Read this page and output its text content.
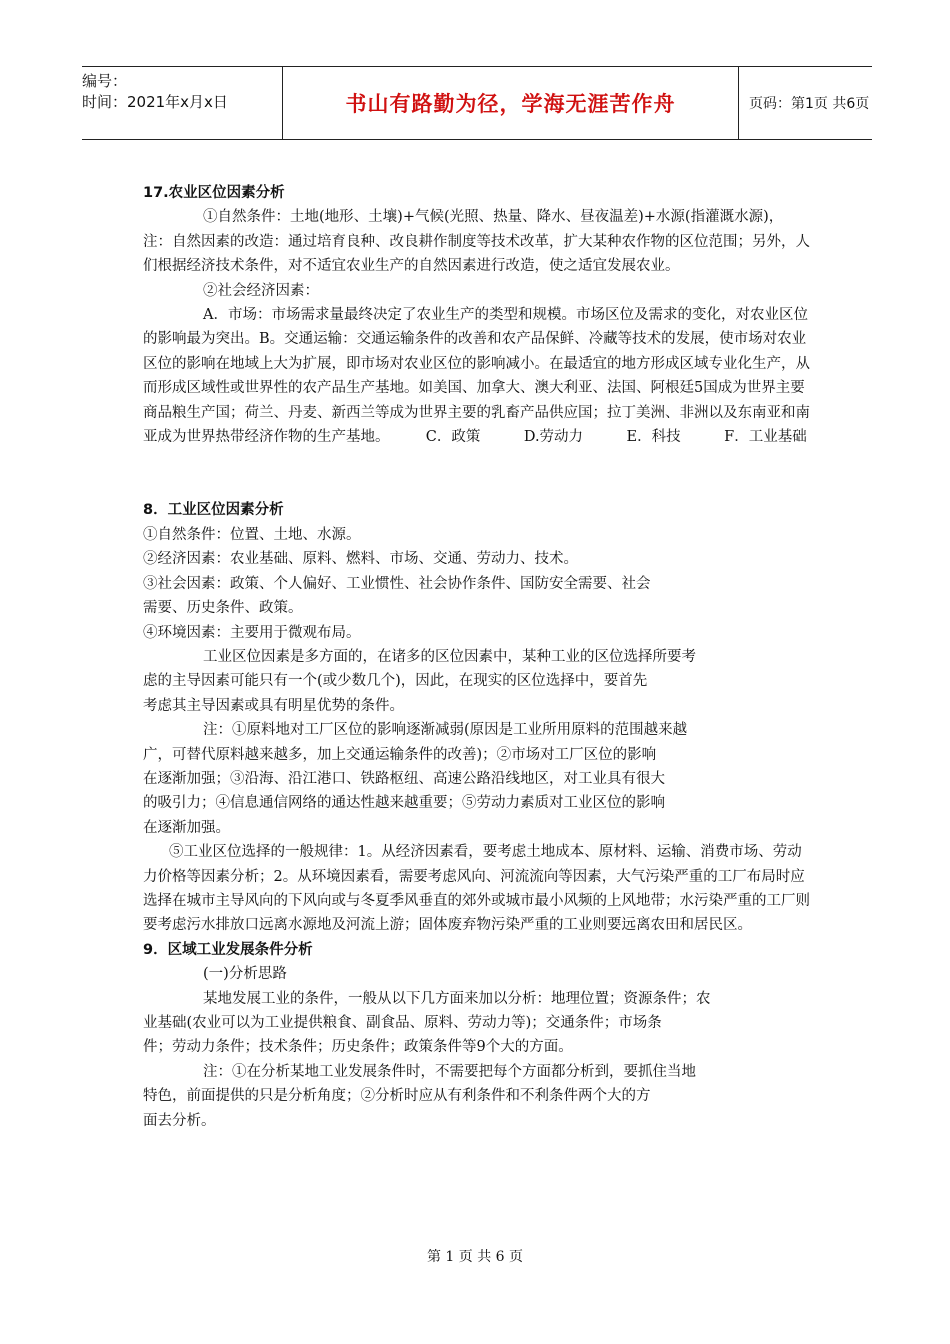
编号：
时间：2021年x月x日	书山有路勤为径，学海无涯苦作舟	页码：第1页 共6页

17.农业区位因素分析

①自然条件：土地(地形、土壤)+气候(光照、热量、降水、昼夜温差)+水源(指灌溉水源)，　　　注：自然因素的改造：通过培育良种、改良耕作制度等技术改革，扩大某种农作物的区位范围；另外，人们根据经济技术条件，对不适宜农业生产的自然因素进行改造，使之适宜发展农业。

②社会经济因素：

A．市场：市场需求量最终决定了农业生产的类型和规模。市场区位及需求的变化，对农业区位的影响最为突出。B。交通运输：交通运输条件的改善和农产品保鲜、冷藏等技术的发展，使市场对农业区位的影响在地域上大为扩展，即市场对农业区位的影响减小。在最适宜的地方形成区域专业化生产，从而形成区域性或世界性的农产品生产基地。如美国、加拿大、澳大利亚、法国、阿根廷5国成为世界主要商品粮生产国；荷兰、丹麦、新西兰等成为世界主要的乳畜产品供应国；拉丁美洲、非洲以及东南亚和南亚成为世界热带经济作物的生产基地。　　　C．政策　　　D.劳动力　　　E．科技　　　F．工业基础

8．工业区位因素分析

①自然条件：位置、土地、水源。

②经济因素：农业基础、原料、燃料、市场、交通、劳动力、技术。

③社会因素：政策、个人偏好、工业惯性、社会协作条件、国防安全需要、社会

需要、历史条件、政策。

④环境因素：主要用于微观布局。

工业区位因素是多方面的，在诸多的区位因素中，某种工业的区位选择所要考

虑的主导因素可能只有一个(或少数几个)，因此，在现实的区位选择中，要首先

考虑其主导因素或具有明星优势的条件。

注：①原料地对工厂区位的影响逐渐减弱(原因是工业所用原料的范围越来越

广，可替代原料越来越多，加上交通运输条件的改善)；②市场对工厂区位的影响

在逐渐加强；③沿海、沿江港口、铁路枢纽、高速公路沿线地区，对工业具有很大

的吸引力；④信息通信网络的通达性越来越重要；⑤劳动力素质对工业区位的影响

在逐渐加强。

⑤工业区位选择的一般规律：1。从经济因素看，要考虑土地成本、原材料、运输、消费市场、劳动力价格等因素分析；2。从环境因素看，需要考虑风向、河流流向等因素，大气污染严重的工厂布局时应选择在城市主导风向的下风向或与冬夏季风垂直的郊外或城市最小风频的上风地带；水污染严重的工厂则要考虑污水排放口远离水源地及河流上游；固体废弃物污染严重的工业则要远离农田和居民区。

9．区域工业发展条件分析

(一)分析思路

某地发展工业的条件，一般从以下几方面来加以分析：地理位置；资源条件；农

业基础(农业可以为工业提供粮食、副食品、原料、劳动力等)；交通条件；市场条

件；劳动力条件；技术条件；历史条件；政策条件等9个大的方面。

注：①在分析某地工业发展条件时，不需要把每个方面都分析到，要抓住当地

特色，前面提供的只是分析角度；②分析时应从有利条件和不利条件两个大的方

面去分析。

第 1 页 共 6 页
